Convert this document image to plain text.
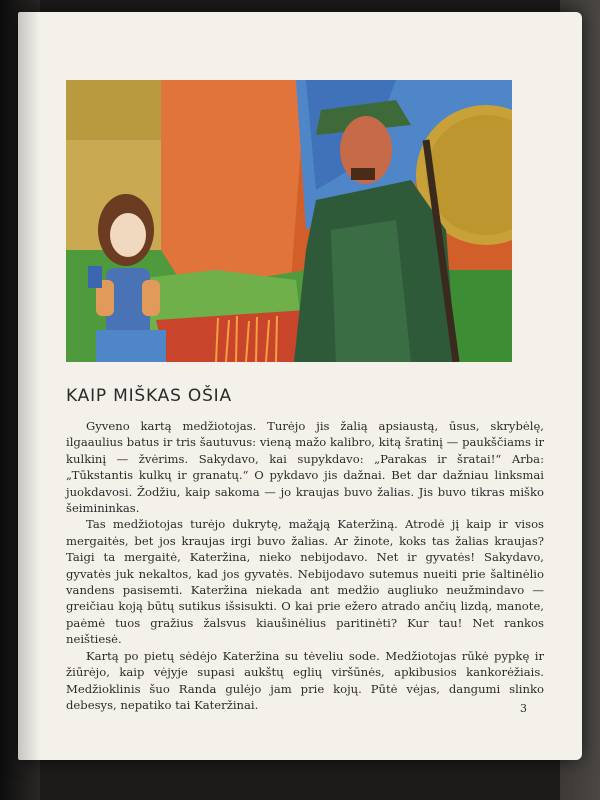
KAIP MIŠKAS OŠIA

Gyveno kartą medžiotojas. Turėjo jis žalią apsiaustą, ūsus, skrybėlę, ilgaaulius batus ir tris šautuvus: vieną mažo kalibro, kitą šratinį — paukščiams ir kulkinį — žvėrims. Sakydavo, kai supykdavo: „Parakas ir šratai!“ Arba: „Tūkstantis kulkų ir granatų.“ O pykdavo jis dažnai. Bet dar dažniau linksmai juokdavosi. Žodžiu, kaip sakoma — jo kraujas buvo žalias. Jis buvo tikras miško šeimininkas.

Tas medžiotojas turėjo dukrytę, mažąją Kateržiną. Atrodė jį kaip ir visos mergaitės, bet jos kraujas irgi buvo žalias. Ar žinote, koks tas žalias kraujas? Taigi ta mergaitė, Kateržina, nieko nebijodavo. Net ir gyvatės! Sakydavo, gyvatės juk nekaltos, kad jos gyvatės. Nebijodavo sutemus nueiti prie šaltinėlio vandens pasisemti. Kateržina niekada ant medžio augliuko neužmindavo — greičiau koją būtų sutikus išsisukti. O kai prie ežero atrado ančių lizdą, manote, paėmė tuos gražius žalsvus kiaušinėlius paritinėti? Kur tau! Net rankos neištiesė.

Kartą po pietų sėdėjo Kateržina su tėveliu sode. Medžiotojas rūkė pypkę ir žiūrėjo, kaip vėjyje supasi aukštų eglių viršūnės, apkibusios kankorėžiais. Medžioklinis šuo Randa gulėjo jam prie kojų. Pūtė vėjas, dangumi slinko debesys, nepatiko tai Kateržinai.	3
